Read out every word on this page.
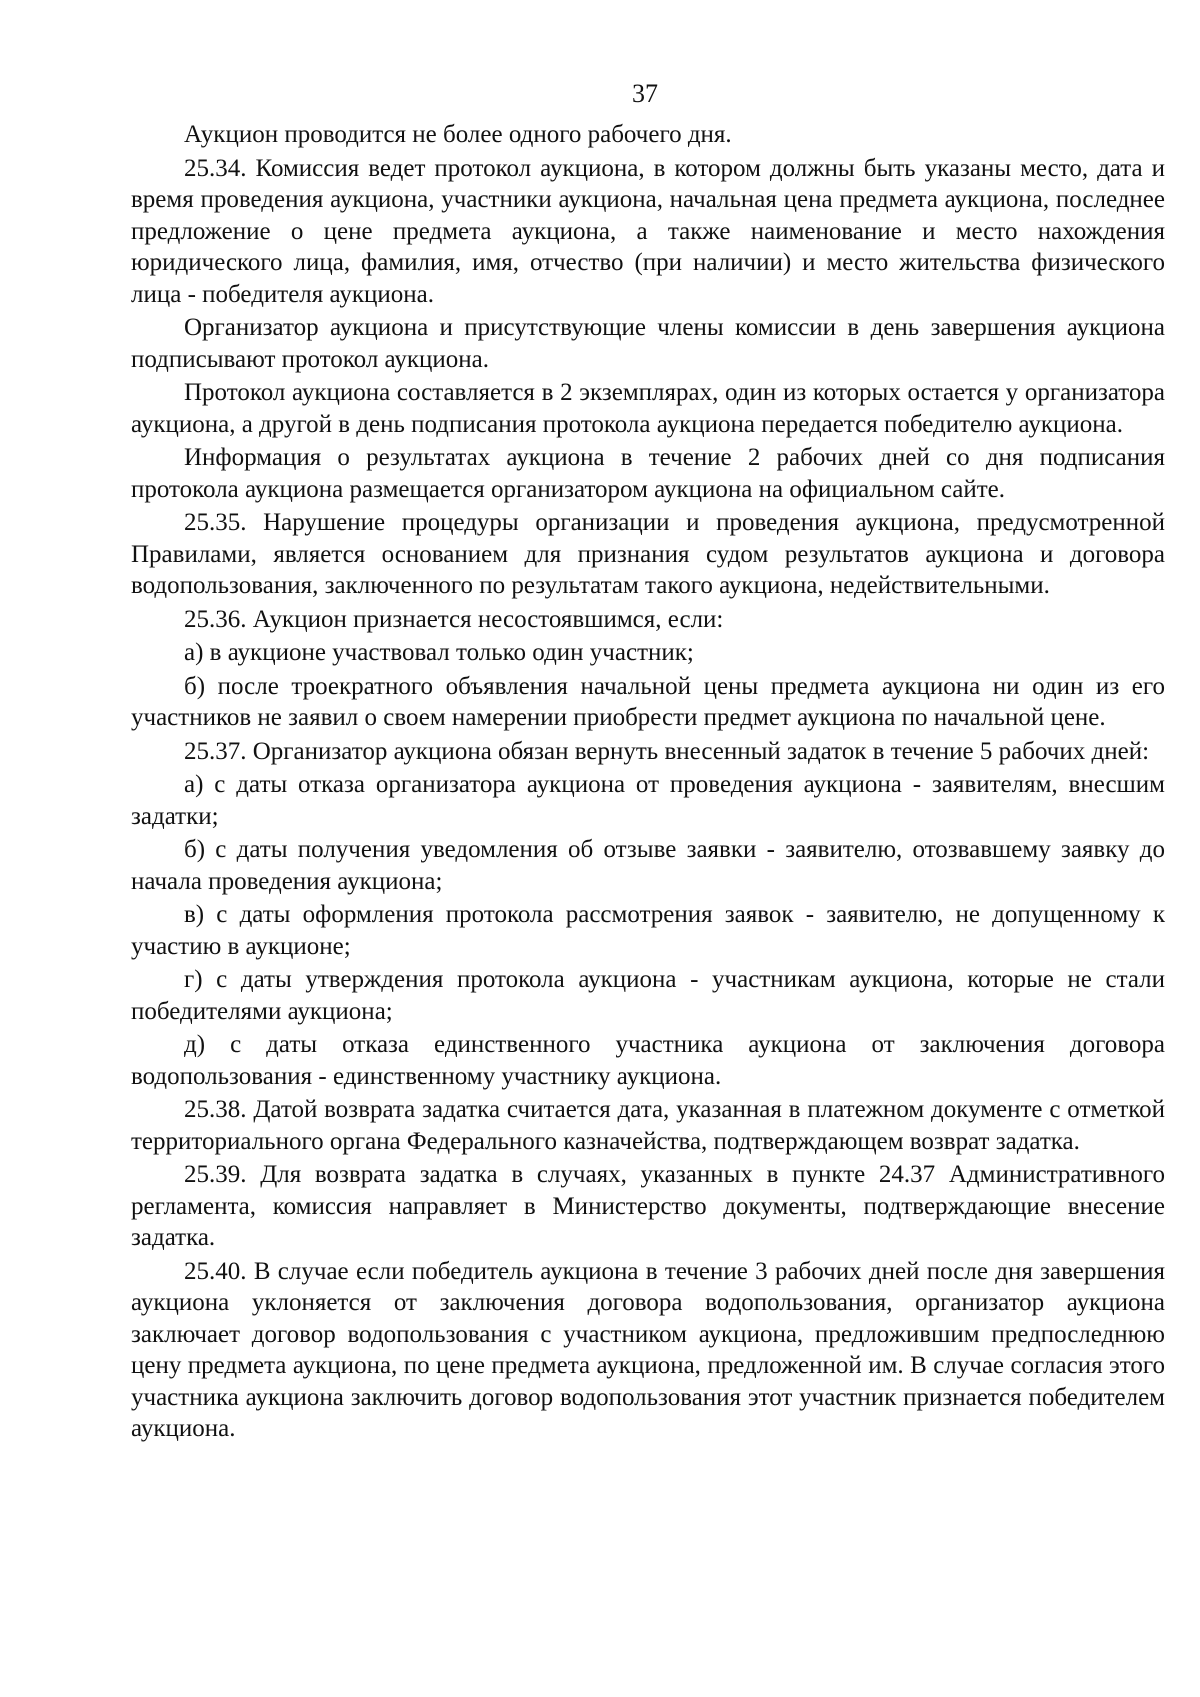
37

Аукцион проводится не более одного рабочего дня.

25.34. Комиссия ведет протокол аукциона, в котором должны быть указаны место, дата и время проведения аукциона, участники аукциона, начальная цена предмета аукциона, последнее предложение о цене предмета аукциона, а также наименование и место нахождения юридического лица, фамилия, имя, отчество (при наличии) и место жительства физического лица - победителя аукциона.

Организатор аукциона и присутствующие члены комиссии в день завершения аукциона подписывают протокол аукциона.

Протокол аукциона составляется в 2 экземплярах, один из которых остается у организатора аукциона, а другой в день подписания протокола аукциона передается победителю аукциона.

Информация о результатах аукциона в течение 2 рабочих дней со дня подписания протокола аукциона размещается организатором аукциона на официальном сайте.

25.35. Нарушение процедуры организации и проведения аукциона, предусмотренной Правилами, является основанием для признания судом результатов аукциона и договора водопользования, заключенного по результатам такого аукциона, недействительными.

25.36. Аукцион признается несостоявшимся, если:

а) в аукционе участвовал только один участник;

б) после троекратного объявления начальной цены предмета аукциона ни один из его участников не заявил о своем намерении приобрести предмет аукциона по начальной цене.

25.37. Организатор аукциона обязан вернуть внесенный задаток в течение 5 рабочих дней:

а) с даты отказа организатора аукциона от проведения аукциона - заявителям, внесшим задатки;

б) с даты получения уведомления об отзыве заявки - заявителю, отозвавшему заявку до начала проведения аукциона;

в) с даты оформления протокола рассмотрения заявок - заявителю, не допущенному к участию в аукционе;

г) с даты утверждения протокола аукциона - участникам аукциона, которые не стали победителями аукциона;

д) с даты отказа единственного участника аукциона от заключения договора водопользования - единственному участнику аукциона.

25.38. Датой возврата задатка считается дата, указанная в платежном документе с отметкой территориального органа Федерального казначейства, подтверждающем возврат задатка.

25.39. Для возврата задатка в случаях, указанных в пункте 24.37 Административного регламента, комиссия направляет в Министерство документы, подтверждающие внесение задатка.

25.40. В случае если победитель аукциона в течение 3 рабочих дней после дня завершения аукциона уклоняется от заключения договора водопользования, организатор аукциона заключает договор водопользования с участником аукциона, предложившим предпоследнюю цену предмета аукциона, по цене предмета аукциона, предложенной им. В случае согласия этого участника аукциона заключить договор водопользования этот участник признается победителем аукциона.
